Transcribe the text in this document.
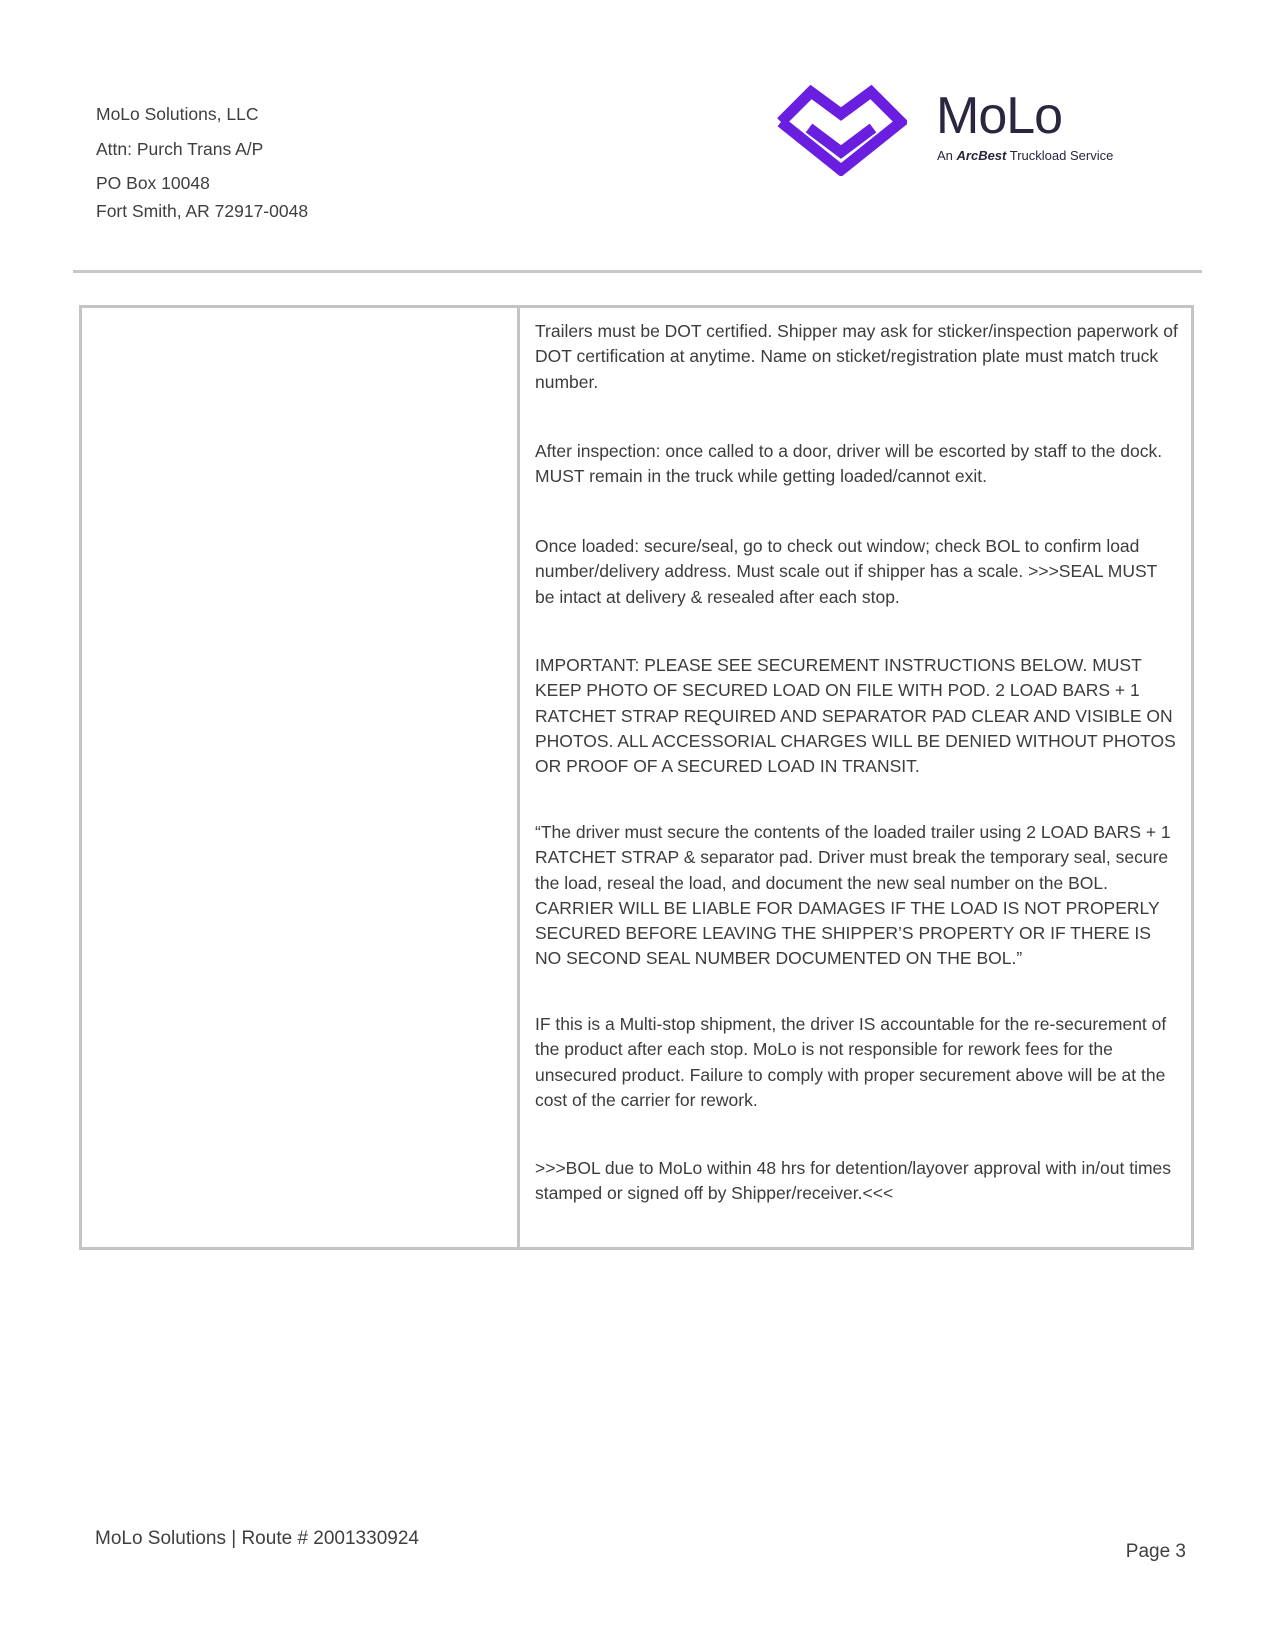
MoLo Solutions, LLC
Attn: Purch Trans A/P
PO Box 10048
Fort Smith, AR 72917-0048
MoLo
An ArcBest Truckload Service

Trailers must be DOT certified. Shipper may ask for sticker/inspection paperwork of DOT certification at anytime. Name on sticket/registration plate must match truck number.

After inspection: once called to a door, driver will be escorted by staff to the dock. MUST remain in the truck while getting loaded/cannot exit.

Once loaded: secure/seal, go to check out window; check BOL to confirm load number/delivery address. Must scale out if shipper has a scale. >>>SEAL MUST be intact at delivery & resealed after each stop.

IMPORTANT: PLEASE SEE SECUREMENT INSTRUCTIONS BELOW. MUST KEEP PHOTO OF SECURED LOAD ON FILE WITH POD. 2 LOAD BARS + 1 RATCHET STRAP REQUIRED AND SEPARATOR PAD CLEAR AND VISIBLE ON PHOTOS. ALL ACCESSORIAL CHARGES WILL BE DENIED WITHOUT PHOTOS OR PROOF OF A SECURED LOAD IN TRANSIT.

“The driver must secure the contents of the loaded trailer using 2 LOAD BARS + 1 RATCHET STRAP & separator pad. Driver must break the temporary seal, secure the load, reseal the load, and document the new seal number on the BOL. CARRIER WILL BE LIABLE FOR DAMAGES IF THE LOAD IS NOT PROPERLY SECURED BEFORE LEAVING THE SHIPPER’S PROPERTY OR IF THERE IS NO SECOND SEAL NUMBER DOCUMENTED ON THE BOL.”

IF this is a Multi-stop shipment, the driver IS accountable for the re-securement of the product after each stop. MoLo is not responsible for rework fees for the unsecured product. Failure to comply with proper securement above will be at the cost of the carrier for rework.

>>>BOL due to MoLo within 48 hrs for detention/layover approval with in/out times stamped or signed off by Shipper/receiver.<<<

MoLo Solutions | Route # 2001330924
Page 3
